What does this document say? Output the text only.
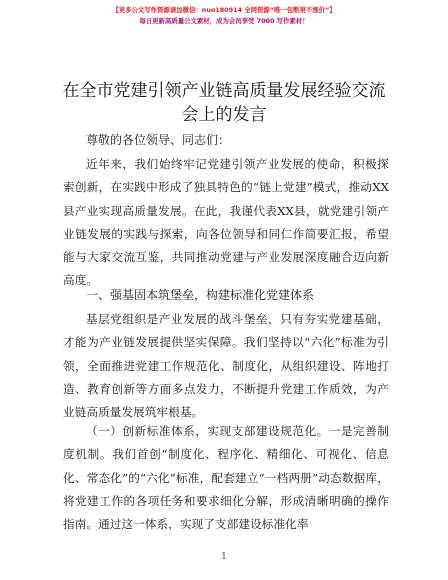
【更多公文写作资源请加微信：nuo180914 全网资源“唯一包断更不涨价”】
每日更新高质量公文素材，成为会员享受 7000 写作素材！
在全市党建引领产业链高质量发展经验交流会上的发言
尊敬的各位领导、同志们：
近年来，我们始终牢记党建引领产业发展的使命，积极探索创新，在实践中形成了独具特色的“链上党建”模式，推动XX县产业实现高质量发展。在此，我谨代表XX县，就党建引领产业链发展的实践与探索，向各位领导和同仁作简要汇报，希望能与大家交流互鉴，共同推动党建与产业发展深度融合迈向新高度。
一、强基固本筑堡垒，构建标准化党建体系
基层党组织是产业发展的战斗堡垒，只有夯实党建基础，才能为产业链发展提供坚实保障。我们坚持以“六化”标准为引领，全面推进党建工作规范化、制度化，从组织建设、阵地打造、教育创新等方面多点发力，不断提升党建工作质效，为产业链高质量发展筑牢根基。
（一）创新标准体系，实现支部建设规范化。一是完善制度机制。我们首创“制度化、程序化、精细化、可视化、信息化、常态化”的“六化”标准，配套建立“一档两册”动态数据库，将党建工作的各项任务和要求细化分解，形成清晰明确的操作指南。通过这一体系，实现了支部建设标准化率
1
